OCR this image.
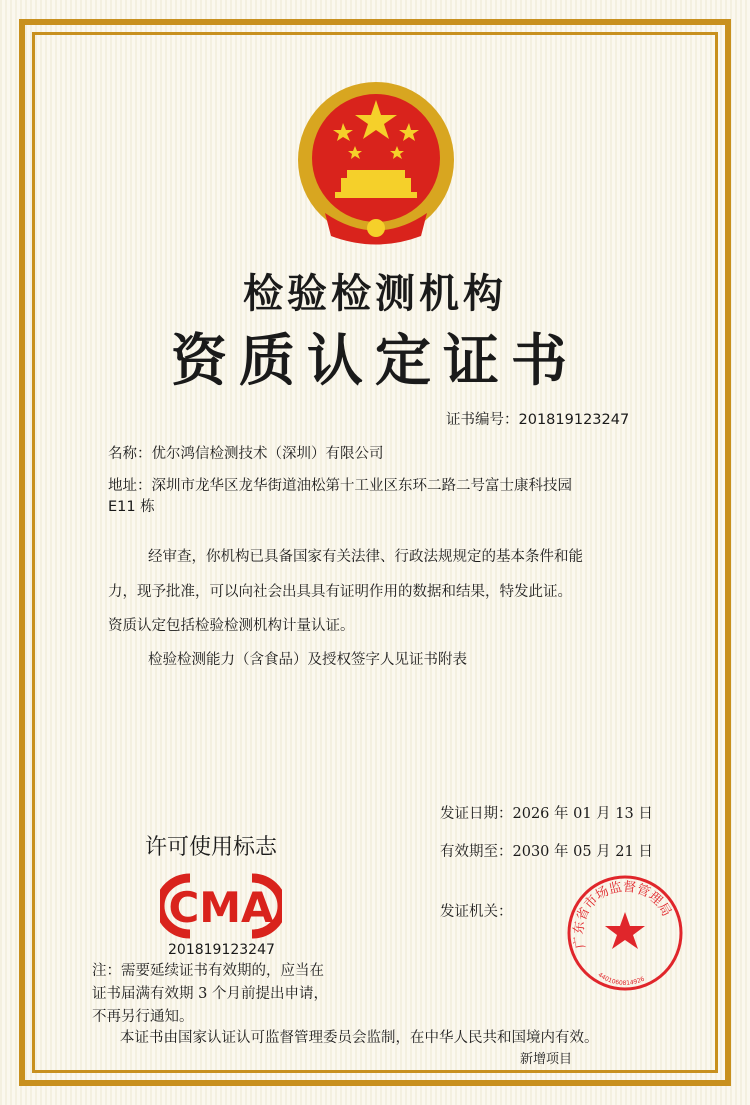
检验检测机构
资质认定证书
证书编号：201819123247
名称：优尔鸿信检测技术（深圳）有限公司
地址：深圳市龙华区龙华街道油松第十工业区东环二路二号富士康科技园
E11 栋
经审查，你机构已具备国家有关法律、行政法规规定的基本条件和能
力，现予批准，可以向社会出具具有证明作用的数据和结果，特发此证。
资质认定包括检验检测机构计量认证。
检验检测能力（含食品）及授权签字人见证书附表
发证日期：2026 年 01 月 13 日
有效期至：2030 年 05 月 21 日
发证机关：
广东省市场监督管理局
4401060814926
许可使用标志
CMA
201819123247
注：需要延续证书有效期的，应当在
证书届满有效期 3 个月前提出申请，
不再另行通知。
本证书由国家认证认可监督管理委员会监制，在中华人民共和国境内有效。
新增项目
